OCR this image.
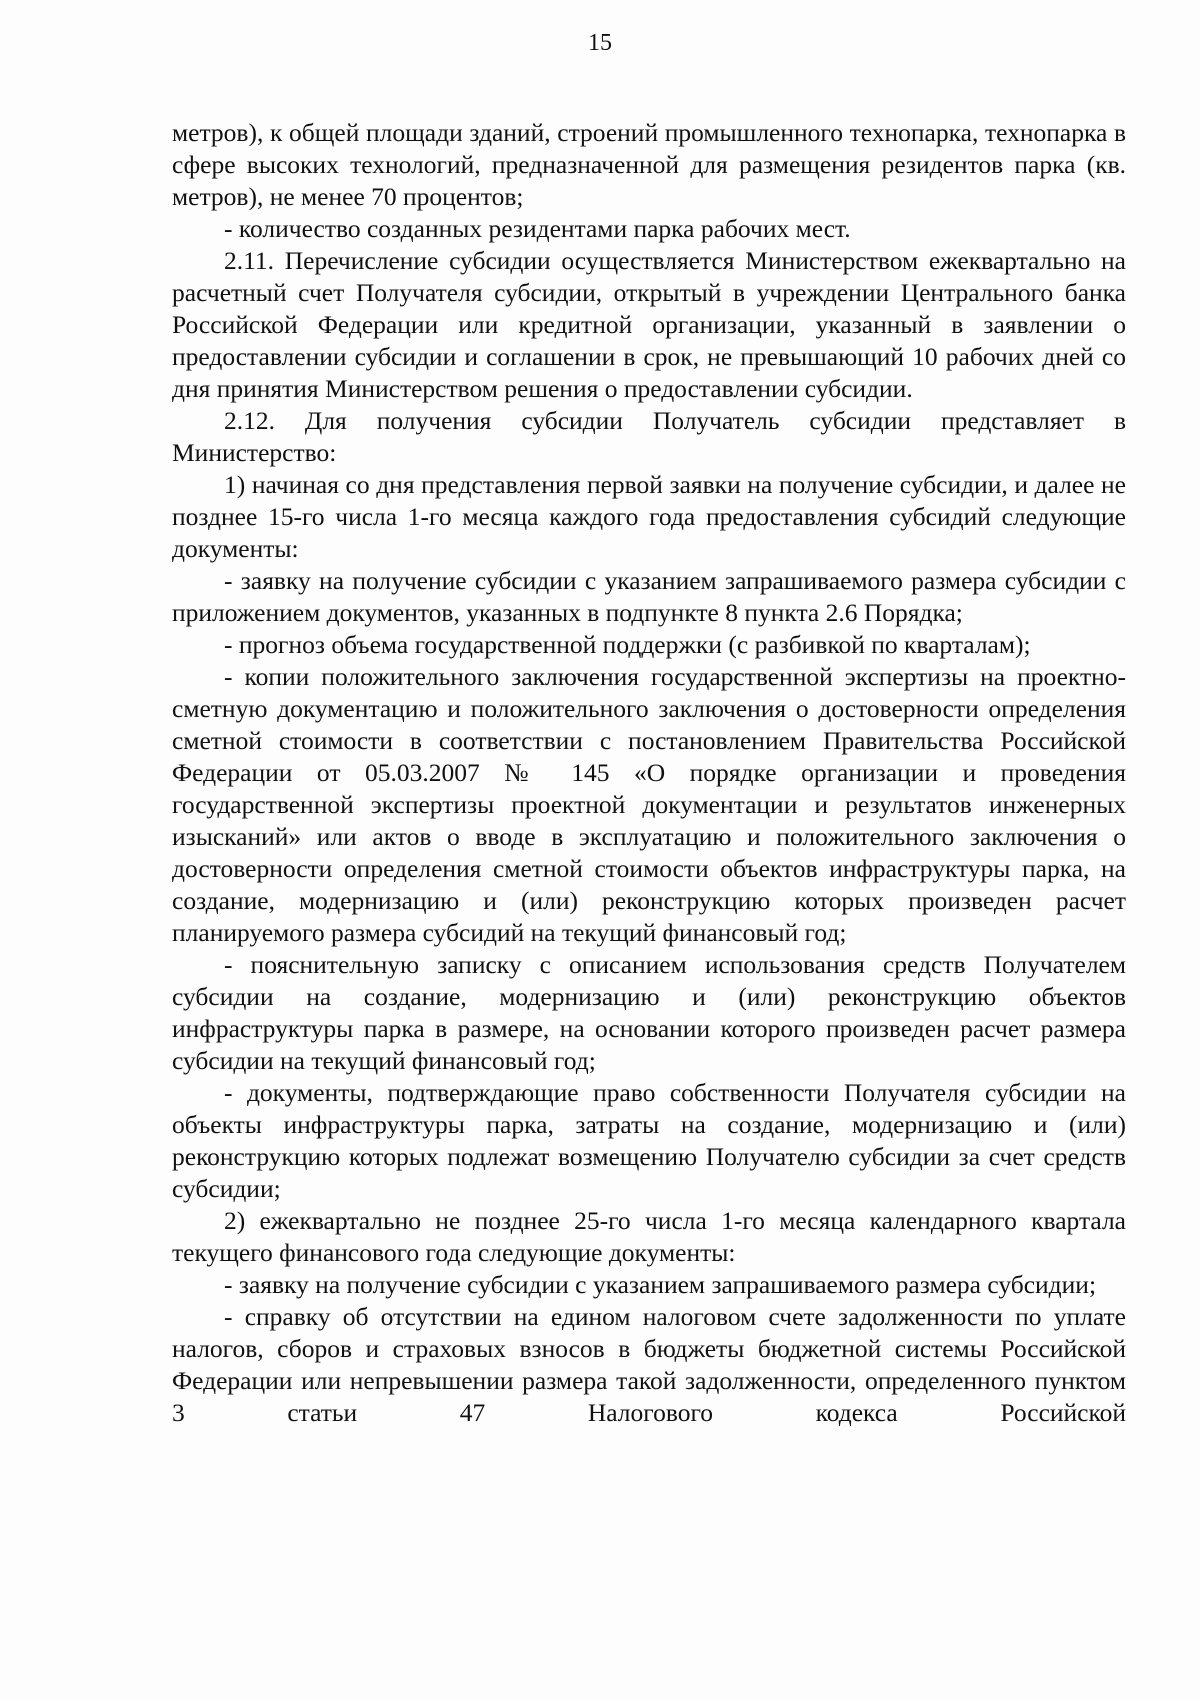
15

метров), к общей площади зданий, строений промышленного технопарка, технопарка в сфере высоких технологий, предназначенной для размещения резидентов парка (кв. метров), не менее 70 процентов;

- количество созданных резидентами парка рабочих мест.

2.11. Перечисление субсидии осуществляется Министерством ежеквартально на расчетный счет Получателя субсидии, открытый в учреждении Центрального банка Российской Федерации или кредитной организации, указанный в заявлении о предоставлении субсидии и соглашении в срок, не превышающий 10 рабочих дней со дня принятия Министерством решения о предоставлении субсидии.

2.12. Для получения субсидии Получатель субсидии представляет в Министерство:

1) начиная со дня представления первой заявки на получение субсидии, и далее не позднее 15-го числа 1-го месяца каждого года предоставления субсидий следующие документы:

- заявку на получение субсидии с указанием запрашиваемого размера субсидии с приложением документов, указанных в подпункте 8 пункта 2.6 Порядка;

- прогноз объема государственной поддержки (с разбивкой по кварталам);

- копии положительного заключения государственной экспертизы на проектно-сметную документацию и положительного заключения о достоверности определения сметной стоимости в соответствии с постановлением Правительства Российской Федерации от 05.03.2007 № 145 «О порядке организации и проведения государственной экспертизы проектной документации и результатов инженерных изысканий» или актов о вводе в эксплуатацию и положительного заключения о достоверности определения сметной стоимости объектов инфраструктуры парка, на создание, модернизацию и (или) реконструкцию которых произведен расчет планируемого размера субсидий на текущий финансовый год;

- пояснительную записку с описанием использования средств Получателем субсидии на создание, модернизацию и (или) реконструкцию объектов инфраструктуры парка в размере, на основании которого произведен расчет размера субсидии на текущий финансовый год;

- документы, подтверждающие право собственности Получателя субсидии на объекты инфраструктуры парка, затраты на создание, модернизацию и (или) реконструкцию которых подлежат возмещению Получателю субсидии за счет средств субсидии;

2) ежеквартально не позднее 25-го числа 1-го месяца календарного квартала текущего финансового года следующие документы:

- заявку на получение субсидии с указанием запрашиваемого размера субсидии;

- справку об отсутствии на едином налоговом счете задолженности по уплате налогов, сборов и страховых взносов в бюджеты бюджетной системы Российской Федерации или непревышении размера такой задолженности, определенного пунктом 3 статьи 47 Налогового кодекса Российской
